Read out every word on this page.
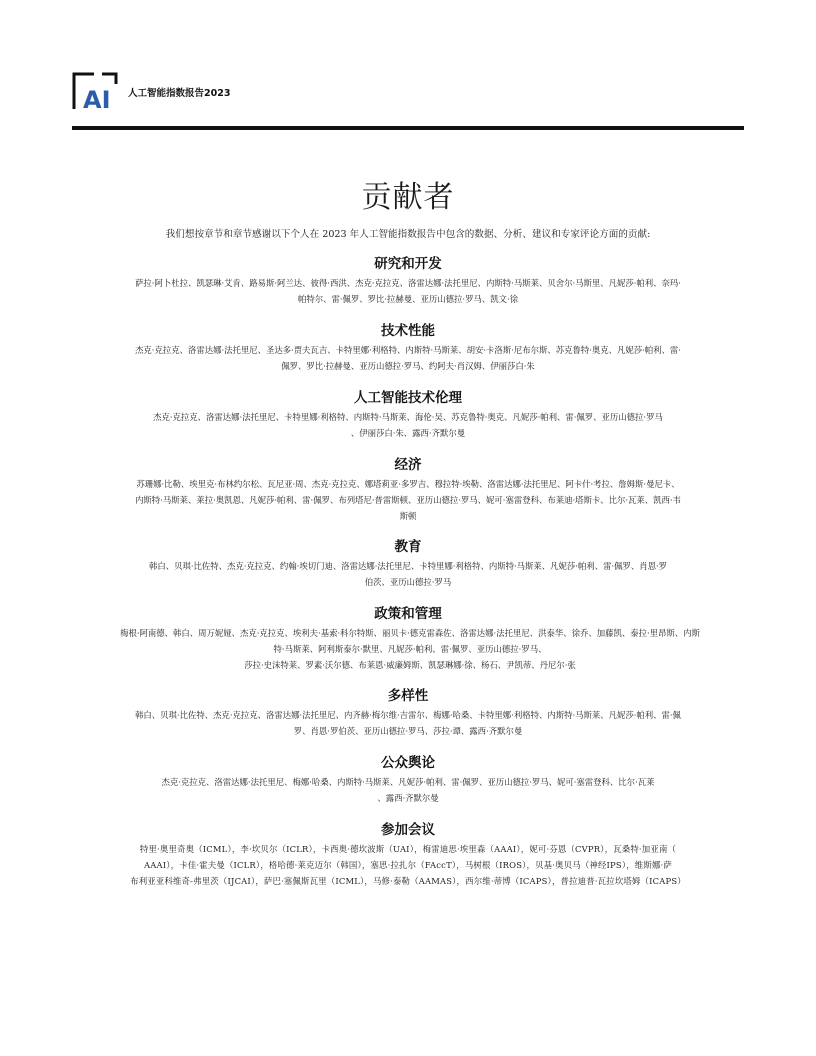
AI 人工智能指数报告2023
贡献者

我们想按章节和章节感谢以下个人在 2023 年人工智能指数报告中包含的数据、分析、建议和专家评论方面的贡献:

研究和开发

萨拉·阿卜杜拉、凯瑟琳·艾肯、路易斯·阿兰达、彼得·西洪、杰克·克拉克、洛雷达娜·法托里尼、内斯特·马斯莱、贝舍尔·马斯里、凡妮莎·帕利、奈玛·
帕特尔、雷·佩罗、罗比·拉赫曼、亚历山德拉·罗马、凯文·徐

技术性能

杰克·克拉克、洛雷达娜·法托里尼、圣达多·贾夫瓦吉、卡特里娜·利格特、内斯特·马斯莱、胡安·卡洛斯·尼布尔斯、苏克鲁特·奥克、凡妮莎·帕利、雷·
佩罗、罗比·拉赫曼、亚历山德拉·罗马、约阿夫·肖汉姆、伊丽莎白·朱

人工智能技术伦理

杰克·克拉克、洛雷达娜·法托里尼、卡特里娜·利格特、内斯特·马斯莱、海伦·吴、苏克鲁特·奥克、凡妮莎·帕利、雷·佩罗、亚历山德拉·罗马
、伊丽莎白·朱、露西·齐默尔曼

经济

苏珊娜·比勒、埃里克·布林约尔松、瓦尼亚·周、杰克·克拉克、娜塔莉亚·多罗吉、穆拉特·埃勒、洛雷达娜·法托里尼、阿卡什·考拉、詹姆斯·曼尼卡、
内斯特·马斯莱、莱拉·奥凯恩、凡妮莎·帕利、雷·佩罗、布列塔尼·普雷斯顿、亚历山德拉·罗马、妮可·塞雷登科、布莱迪·塔斯卡、比尔·瓦莱、凯西·韦
斯顿

教育

韩白、贝琪·比佐特、杰克·克拉克、约翰·埃切门迪、洛雷达娜·法托里尼、卡特里娜·利格特、内斯特·马斯莱、凡妮莎·帕利、雷·佩罗、肖恩·罗
伯茨、亚历山德拉·罗马

政策和管理

梅根·阿南德、韩白、周万妮娅、杰克·克拉克、埃利夫·基索·科尔特斯、丽贝卡·德克雷森佐、洛雷达娜·法托里尼、洪泰华、徐乔、加藤凯、泰拉·里昂斯、内斯
特·马斯莱、阿利斯泰尔·默里、凡妮莎·帕利、雷·佩罗、亚历山德拉·罗马、
莎拉·史沫特莱、罗素·沃尔德、布莱恩·威廉姆斯、凯瑟琳娜·徐、杨石、尹凯蒂、丹尼尔·张

多样性

韩白、贝琪·比佐特、杰克·克拉克、洛雷达娜·法托里尼、内齐赫·梅尔维·吉雷尔、梅娜·哈桑、卡特里娜·利格特、内斯特·马斯莱、凡妮莎·帕利、雷·佩
罗、肖恩·罗伯茨、亚历山德拉·罗马、莎拉·谭、露西·齐默尔曼

公众舆论

杰克·克拉克、洛雷达娜·法托里尼、梅娜·哈桑、内斯特·马斯莱、凡妮莎·帕利、雷·佩罗、亚历山德拉·罗马、妮可·塞雷登科、比尔·瓦莱
、露西·齐默尔曼

参加会议

特里·奥里奇奥（ICML），李·坎贝尔（ICLR），卡西奥·德坎波斯（UAI），梅雷迪思·埃里森（AAAI），妮可·芬恩（CVPR），瓦桑特·加亚南（
AAAI），卡佳·霍夫曼（ICLR），格哈德·莱克迈尔（韩国），塞思·拉扎尔（FAccT），马树根（IROS），贝基·奥贝马（神经IPS），维斯娜·萨
布利亚亚科维奇-弗里茨（IJCAI），萨巴·塞佩斯瓦里（ICML），马修·泰勒（AAMAS），西尔维·蒂博（ICAPS），普拉迪普·瓦拉坎塔姆（ICAPS）
